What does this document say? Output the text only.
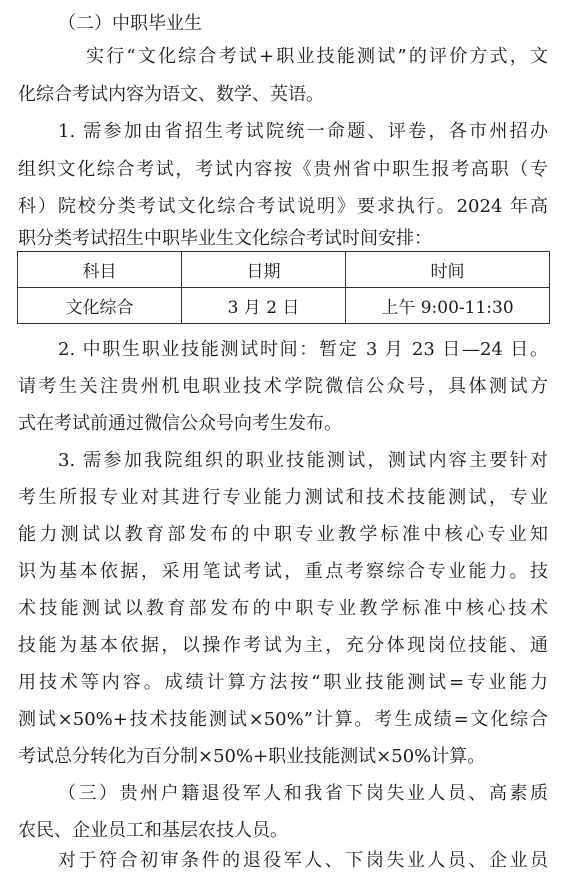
（二）中职毕业生
实行“文化综合考试+职业技能测试”的评价方式，文
化综合考试内容为语文、数学、英语。
1. 需参加由省招生考试院统一命题、评卷，各市州招办
组织文化综合考试，考试内容按《贵州省中职生报考高职（专
科）院校分类考试文化综合考试说明》要求执行。2024 年高
职分类考试招生中职毕业生文化综合考试时间安排：
科目	日期	时间
文化综合	3 月 2 日	上午 9:00-11:30
2. 中职生职业技能测试时间：暂定 3 月 23 日—24 日。
请考生关注贵州机电职业技术学院微信公众号，具体测试方
式在考试前通过微信公众号向考生发布。
3. 需参加我院组织的职业技能测试，测试内容主要针对
考生所报专业对其进行专业能力测试和技术技能测试，专业
能力测试以教育部发布的中职专业教学标准中核心专业知
识为基本依据，采用笔试考试，重点考察综合专业能力。技
术技能测试以教育部发布的中职专业教学标准中核心技术
技能为基本依据，以操作考试为主，充分体现岗位技能、通
用技术等内容。成绩计算方法按“职业技能测试=专业能力
测试×50%+技术技能测试×50%”计算。考生成绩=文化综合
考试总分转化为百分制×50%+职业技能测试×50%计算。
（三）贵州户籍退役军人和我省下岗失业人员、高素质
农民、企业员工和基层农技人员。
对于符合初审条件的退役军人、下岗失业人员、企业员
